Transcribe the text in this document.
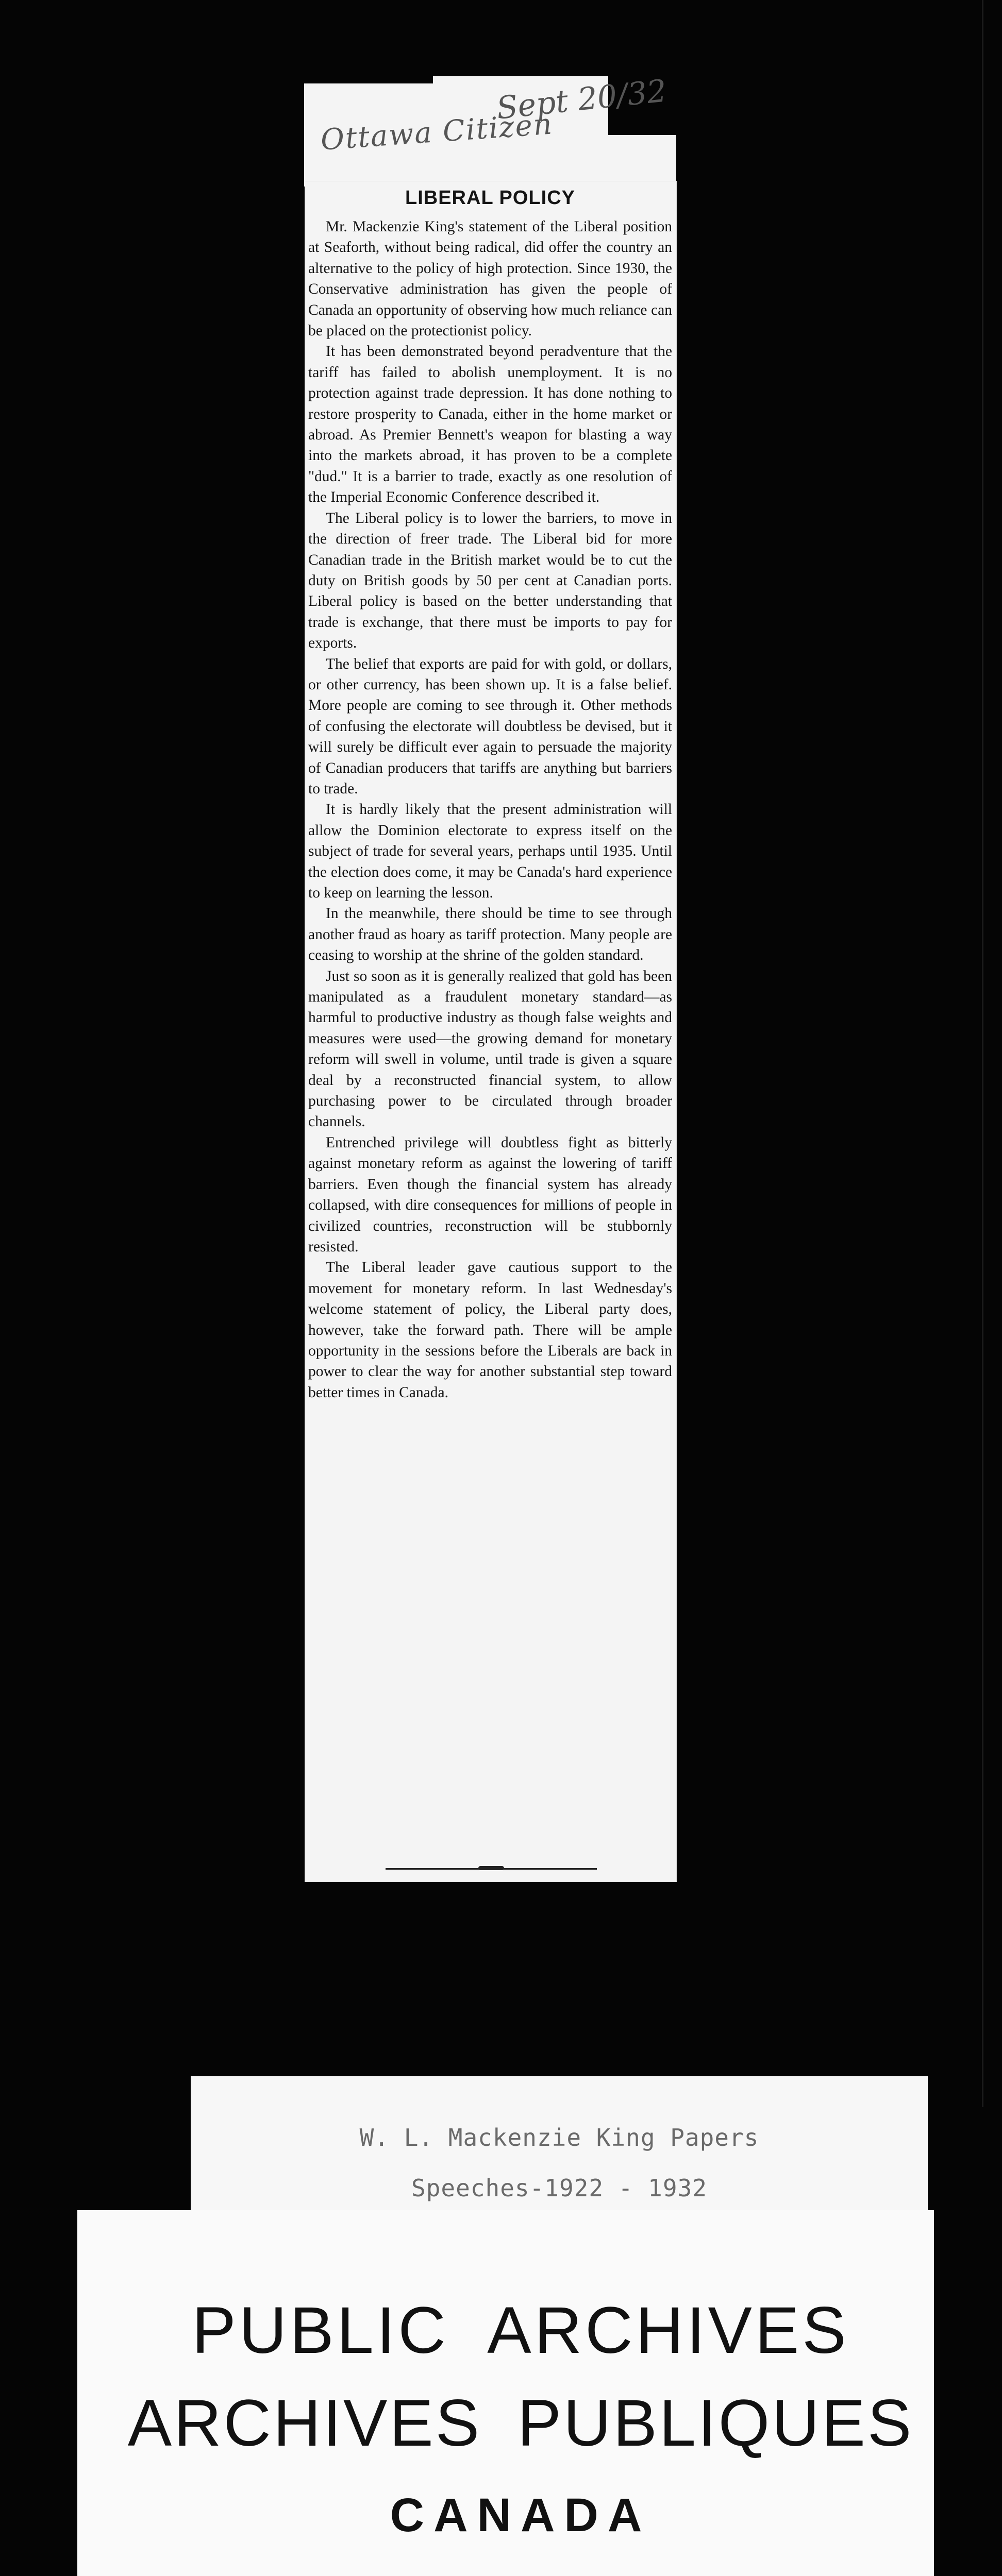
Ottawa Citizen
Sept 20/32
LIBERAL POLICY

Mr. Mackenzie King's statement of the Liberal position at Seaforth, without being radical, did offer the country an alternative to the policy of high protection. Since 1930, the Conservative administration has given the people of Canada an opportunity of observing how much reliance can be placed on the protectionist policy.

It has been demonstrated beyond peradventure that the tariff has failed to abolish unemployment. It is no protection against trade depression. It has done nothing to restore prosperity to Canada, either in the home market or abroad. As Premier Bennett's weapon for blasting a way into the markets abroad, it has proven to be a complete "dud." It is a barrier to trade, exactly as one resolution of the Imperial Economic Conference described it.

The Liberal policy is to lower the barriers, to move in the direction of freer trade. The Liberal bid for more Canadian trade in the British market would be to cut the duty on British goods by 50 per cent at Canadian ports. Liberal policy is based on the better understanding that trade is exchange, that there must be imports to pay for exports.

The belief that exports are paid for with gold, or dollars, or other currency, has been shown up. It is a false belief. More people are coming to see through it. Other methods of confusing the electorate will doubtless be devised, but it will surely be difficult ever again to persuade the majority of Canadian producers that tariffs are anything but barriers to trade.

It is hardly likely that the present administration will allow the Dominion electorate to express itself on the subject of trade for several years, perhaps until 1935. Until the election does come, it may be Canada's hard experience to keep on learning the lesson.

In the meanwhile, there should be time to see through another fraud as hoary as tariff protection. Many people are ceasing to worship at the shrine of the golden standard.

Just so soon as it is generally realized that gold has been manipulated as a fraudulent monetary standard—as harmful to productive industry as though false weights and measures were used—the growing demand for monetary reform will swell in volume, until trade is given a square deal by a reconstructed financial system, to allow purchasing power to be circulated through broader channels.

Entrenched privilege will doubtless fight as bitterly against monetary reform as against the lowering of tariff barriers. Even though the financial system has already collapsed, with dire consequences for millions of people in civilized countries, reconstruction will be stubbornly resisted.

The Liberal leader gave cautious support to the movement for monetary reform. In last Wednesday's welcome statement of policy, the Liberal party does, however, take the forward path. There will be ample opportunity in the sessions before the Liberals are back in power to clear the way for another substantial step toward better times in Canada.

W. L. Mackenzie King Papers
Speeches-1922 - 1932
PUBLIC ARCHIVES
ARCHIVES PUBLIQUES
CANADA
